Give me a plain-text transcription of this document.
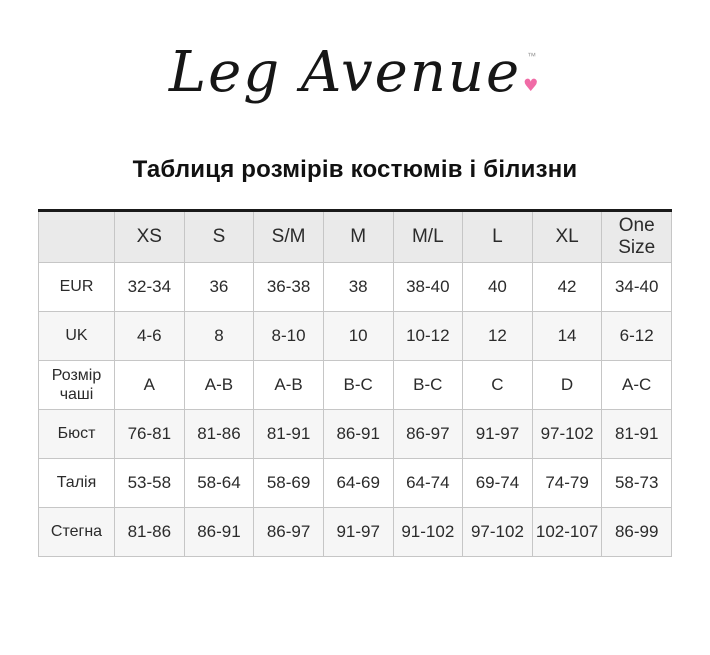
Leg Avenue ™
♥
Таблиця розмірів костюмів і білизни
	XS	S	S/M	M	M/L	L	XL	One Size
EUR	32-34	36	36-38	38	38-40	40	42	34-40
UK	4-6	8	8-10	10	10-12	12	14	6-12
Розмір чаші	A	A-B	A-B	B-C	B-C	C	D	A-C
Бюст	76-81	81-86	81-91	86-91	86-97	91-97	97-102	81-91
Талія	53-58	58-64	58-69	64-69	64-74	69-74	74-79	58-73
Стегна	81-86	86-91	86-97	91-97	91-102	97-102	102-107	86-99
